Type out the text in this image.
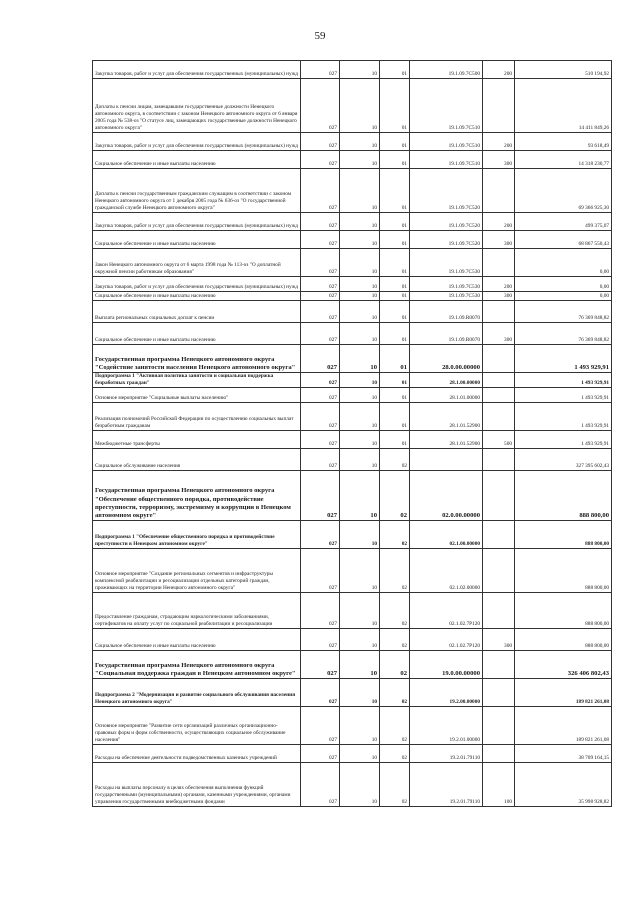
59
Закупка товаров, работ и услуг для обеспечения государственных (муниципальных) нужд	027	10	01	19.1.09.7С500	200	510 194,92
Доплаты к пенсии лицам, замещавшим государственные должности Ненецкого автономного округа, в соответствии с законом Ненецкого автономного округа от 6 января 2005 года № 538-оз "О статусе лиц, замещающих государственные должности Ненецкого автономного округа"	027	10	01	19.1.09.7С510		14 411 849,26
Закупка товаров, работ и услуг для обеспечения государственных (муниципальных) нужд	027	10	01	19.1.09.7С510	200	93 618,49
Социальное обеспечение и иные выплаты населению	027	10	01	19.1.09.7С510	300	14 318 230,77
Доплаты к пенсии государственным гражданским служащим в соответствии с законом Ненецкого автономного округа от 1 декабря 2005 года № 636-оз "О государственной гражданской службе Ненецкого автономного округа"	027	10	01	19.1.09.7С520		69 366 925,30
Закупка товаров, работ и услуг для обеспечения государственных (муниципальных) нужд	027	10	01	19.1.09.7С520	200	499 375,07
Социальное обеспечение и иные выплаты населению	027	10	01	19.1.09.7С520	300	68 867 550,43
Закон Ненецкого автономного округа от 6 марта 1998 года № 113-оз "О доплатной окружной пенсии работникам образования"	027	10	01	19.1.09.7С530		0,00
Закупка товаров, работ и услуг для обеспечения государственных (муниципальных) нужд	027	10	01	19.1.09.7С530	200	0,00
Социальное обеспечение и иные выплаты населению	027	10	01	19.1.09.7С530	300	0,00
Выплата региональных социальных доплат к пенсии	027	10	01	19.1.09.R0070		76 369 848,82
Социальное обеспечение и иные выплаты населению	027	10	01	19.1.09.R0070	300	76 369 848,82
Государственная программа Ненецкого автономного округа "Содействие занятости населения Ненецкого автономного округа"	027	10	01	28.0.00.00000		1 493 929,91
Подпрограмма 1 "Активная политика занятости и социальная поддержка безработных граждан"	027	10	01	28.1.00.00000		1 493 929,91
Основное мероприятие "Социальные выплаты населению"	027	10	01	28.1.01.00000		1 493 929,91
Реализация полномочий Российской Федерации по осуществлению социальных выплат безработным гражданам	027	10	01	28.1.01.52900		1 493 929,91
Межбюджетные трансферты	027	10	01	28.1.01.52900	500	1 493 929,91
Социальное обслуживание населения	027	10	02			327 395 602,43
Государственная программа Ненецкого автономного округа "Обеспечение общественного порядка, противодействие преступности, терроризму, экстремизму и коррупции в Ненецком автономном округе"	027	10	02	02.0.00.00000		888 800,00
Подпрограмма 1 "Обеспечение общественного порядка и противодействие преступности в Ненецком автономном округе"	027	10	02	02.1.00.00000		888 800,00
Основное мероприятие "Создание региональных сегментов и инфраструктуры комплексной реабилитации и ресоциализации отдельных категорий граждан, проживающих на территории Ненецкого автономного округа"	027	10	02	02.1.02.00000		888 800,00
Предоставление гражданам, страдающим наркологическими заболеваниями, сертификатов на оплату услуг по социальной реабилитации и ресоциализации	027	10	02	02.1.02.7Р120		888 800,00
Социальное обеспечение и иные выплаты населению	027	10	02	02.1.02.7Р120	300	888 800,00
Государственная программа Ненецкого автономного округа "Социальная поддержка граждан в Ненецком автономном округе"	027	10	02	19.0.00.00000		326 406 802,43
Подпрограмма 2 "Модернизация и развитие социального обслуживания населения Ненецкого автономного округа"	027	10	02	19.2.00.00000		189 821 261,08
Основное мероприятие "Развитие сети организаций различных организационно-правовых форм и форм собственности, осуществляющих социальное обслуживание населения"	027	10	02	19.2.01.00000		189 821 261,08
Расходы на обеспечение деятельности подведомственных казенных учреждений	027	10	02	19.2.01.79110		38 709 164,15
Расходы на выплаты персоналу в целях обеспечения выполнения функций государственными (муниципальными) органами, казенными учреждениями, органами управления государственными внебюджетными фондами	027	10	02	19.2.01.79110	100	35 998 928,82
